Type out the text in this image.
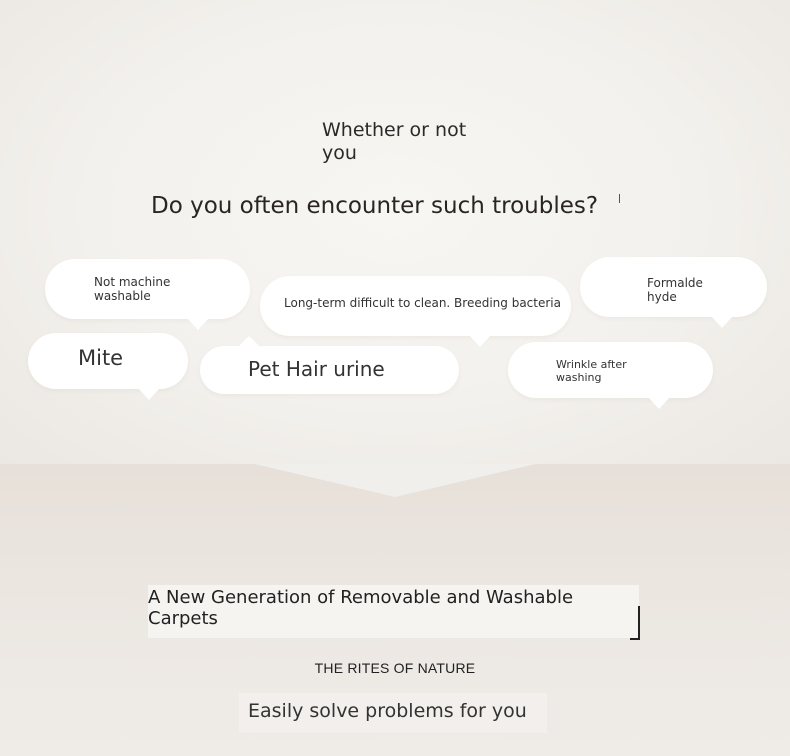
Whether or not you

Do you often encounter such troubles?

Not machine washable
Long-term difficult to clean. Breeding bacteria
Formalde hyde
Mite	Pet Hair urine	Wrinkle after washing
A New Generation of Removable and Washable Carpets
THE RITES OF NATURE
Easily solve problems for you
